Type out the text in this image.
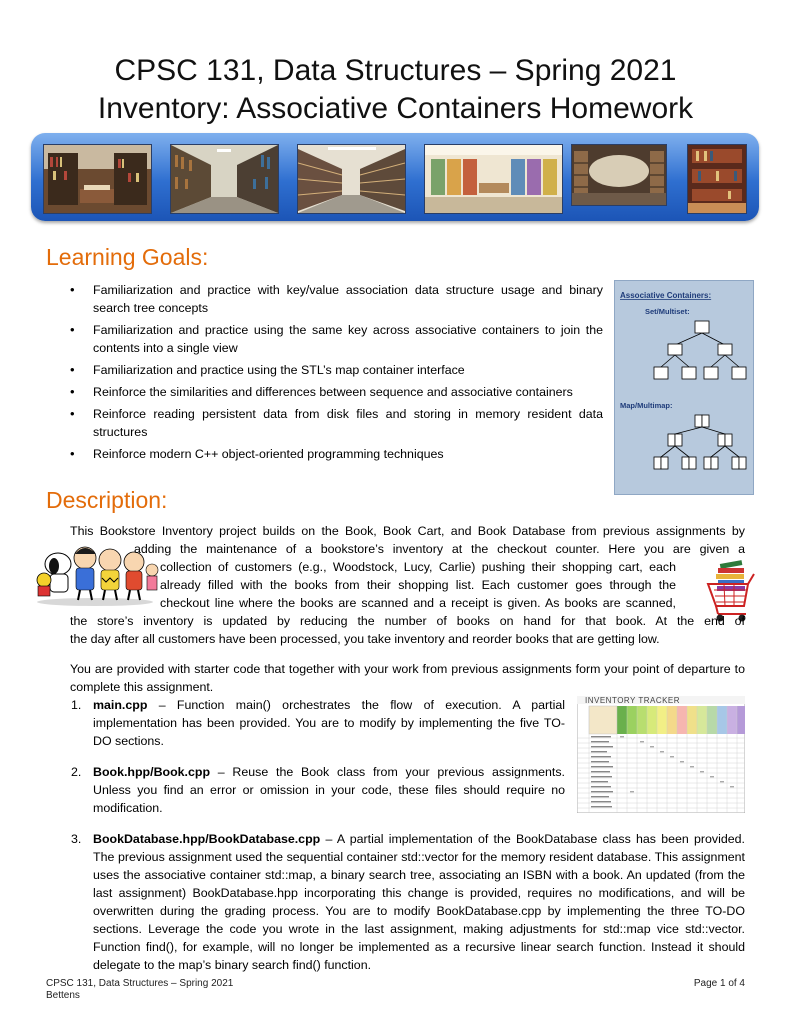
CPSC 131, Data Structures – Spring 2021
Inventory: Associative Containers Homework
Learning Goals:
• Familiarization and practice with key/value association data structure usage and binary search tree concepts
• Familiarization and practice using the same key across associative containers to join the contents into a single view
• Familiarization and practice using the STL’s map container interface
• Reinforce the similarities and differences between sequence and associative containers
• Reinforce reading persistent data from disk files and storing in memory resident data structures
• Reinforce modern C++ object-oriented programming techniques
Associative Containers:
Set/Multiset:
Map/Multimap:
Description:
This Bookstore Inventory project builds on the Book, Book Cart, and Book Database from previous assignments by
adding the maintenance of a bookstore’s inventory at the checkout counter. Here you are given a
collection of customers (e.g., Woodstock, Lucy, Carlie) pushing their shopping cart, each
already filled with the books from their shopping list. Each customer goes through the
checkout line where the books are scanned and a receipt is given. As books are scanned,
the store’s inventory is updated by reducing the number of books on hand for that book. At the end of
the day after all customers have been processed, you take inventory and reorder books that are getting low.
You are provided with starter code that together with your work from previous assignments form your point of departure to complete this assignment.
1. main.cpp – Function main() orchestrates the flow of execution. A partial implementation has been provided. You are to modify by implementing the five TO-DO sections.
2. Book.hpp/Book.cpp – Reuse the Book class from your previous assignments. Unless you find an error or omission in your code, these files should require no modification.
INVENTORY TRACKER
3. BookDatabase.hpp/BookDatabase.cpp – A partial implementation of the BookDatabase class has been provided. The previous assignment used the sequential container std::vector for the memory resident database. This assignment uses the associative container std::map, a binary search tree, associating an ISBN with a book. An updated (from the last assignment) BookDatabase.hpp incorporating this change is provided, requires no modifications, and will be overwritten during the grading process. You are to modify BookDatabase.cpp by implementing the three TO-DO sections. Leverage the code you wrote in the last assignment, making adjustments for std::map vice std::vector. Function find(), for example, will no longer be implemented as a recursive linear search function. Instead it should delegate to the map’s binary search find() function.
CPSC 131, Data Structures – Spring 2021
Bettens
Page 1 of 4
